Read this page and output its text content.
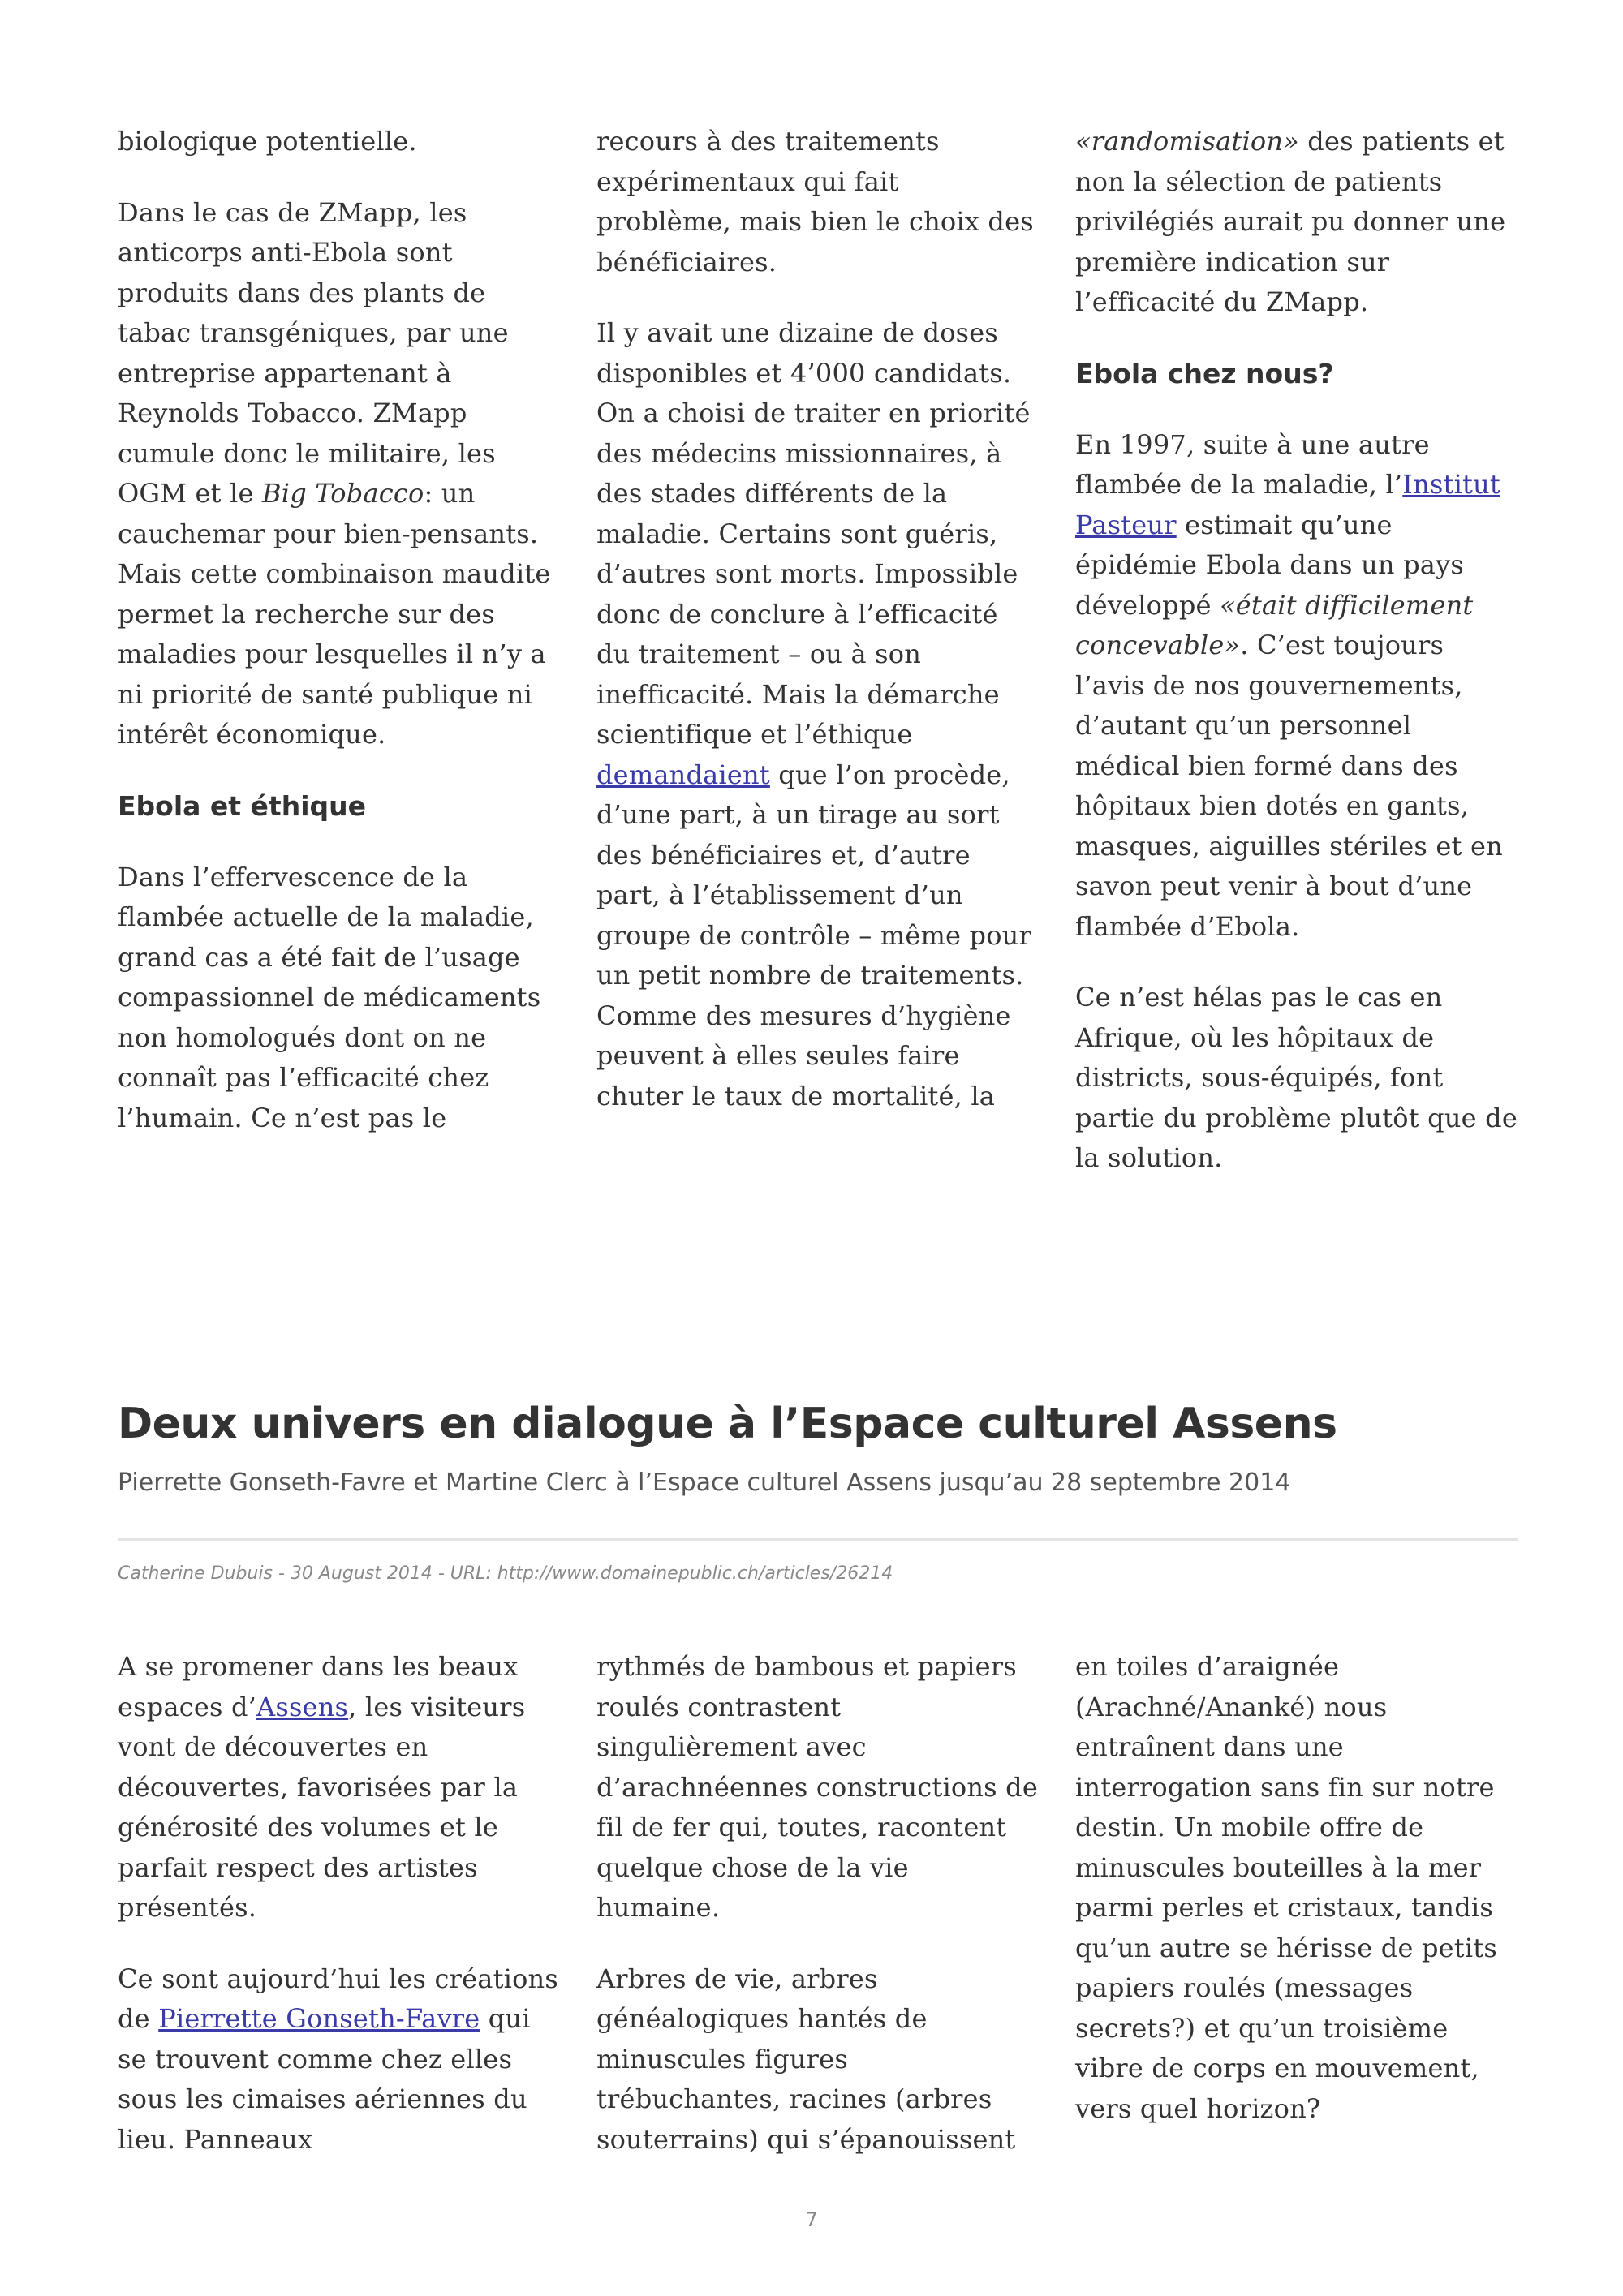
biologique potentielle.

Dans le cas de ZMapp, les anticorps anti-Ebola sont produits dans des plants de tabac transgéniques, par une entreprise appartenant à Reynolds Tobacco. ZMapp cumule donc le militaire, les OGM et le Big Tobacco: un cauchemar pour bien-pensants. Mais cette combinaison maudite permet la recherche sur des maladies pour lesquelles il n’y a ni priorité de santé publique ni intérêt économique.

Ebola et éthique

Dans l’effervescence de la flambée actuelle de la maladie, grand cas a été fait de l’usage compassionnel de médicaments non homologués dont on ne connaît pas l’efficacité chez l’humain. Ce n’est pas le

recours à des traitements expérimentaux qui fait problème, mais bien le choix des bénéficiaires.

Il y avait une dizaine de doses disponibles et 4’000 candidats. On a choisi de traiter en priorité des médecins missionnaires, à des stades différents de la maladie. Certains sont guéris, d’autres sont morts. Impossible donc de conclure à l’efficacité du traitement – ou à son inefficacité. Mais la démarche scientifique et l’éthique demandaient que l’on procède, d’une part, à un tirage au sort des bénéficiaires et, d’autre part, à l’établissement d’un groupe de contrôle – même pour un petit nombre de traitements.

Comme des mesures d’hygiène peuvent à elles seules faire chuter le taux de mortalité, la

«randomisation» des patients et non la sélection de patients privilégiés aurait pu donner une première indication sur l’efficacité du ZMapp.

Ebola chez nous?

En 1997, suite à une autre flambée de la maladie, l’Institut Pasteur estimait qu’une épidémie Ebola dans un pays développé «était difficilement concevable». C’est toujours l’avis de nos gouvernements, d’autant qu’un personnel médical bien formé dans des hôpitaux bien dotés en gants, masques, aiguilles stériles et en savon peut venir à bout d’une flambée d’Ebola.

Ce n’est hélas pas le cas en Afrique, où les hôpitaux de districts, sous-équipés, font partie du problème plutôt que de la solution.

Deux univers en dialogue à l’Espace culturel Assens

Pierrette Gonseth-Favre et Martine Clerc à l’Espace culturel Assens jusqu’au 28 septembre 2014

Catherine Dubuis - 30 August 2014 - URL: http://www.domainepublic.ch/articles/26214

A se promener dans les beaux espaces d’Assens, les visiteurs vont de découvertes en découvertes, favorisées par la générosité des volumes et le parfait respect des artistes présentés.

Ce sont aujourd’hui les créations de Pierrette Gonseth-Favre qui se trouvent comme chez elles sous les cimaises aériennes du lieu. Panneaux

rythmés de bambous et papiers roulés contrastent singulièrement avec d’arachnéennes constructions de fil de fer qui, toutes, racontent quelque chose de la vie humaine.

Arbres de vie, arbres généalogiques hantés de minuscules figures trébuchantes, racines (arbres souterrains) qui s’épanouissent

en toiles d’araignée (Arachné/Ananké) nous entraînent dans une interrogation sans fin sur notre destin. Un mobile offre de minuscules bouteilles à la mer parmi perles et cristaux, tandis qu’un autre se hérisse de petits papiers roulés (messages secrets?) et qu’un troisième vibre de corps en mouvement, vers quel horizon?

7
